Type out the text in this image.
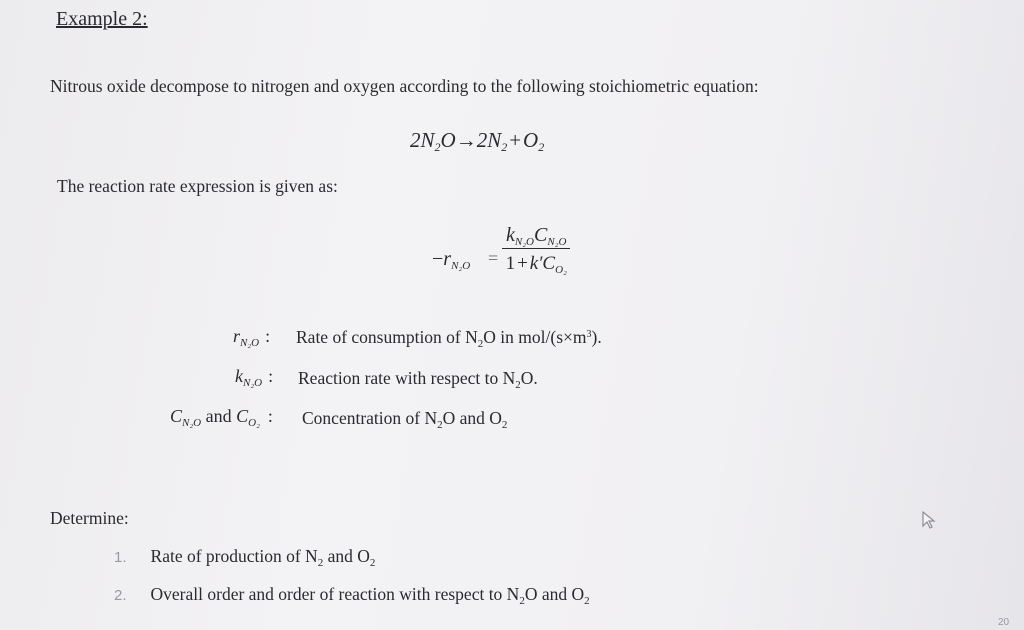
Example 2:
Nitrous oxide decompose to nitrogen and oxygen according to the following stoichiometric equation:
$2N_2O\to 2N_2+O_2$
The reaction rate expression is given as:
$-r_{N_2O}$ =
$k_{N_2O}C_{N_2O}$
$1 + k'C_{O_2}$
$r_{N_2O}$ : Rate of consumption of $N_2O$ in mol/$(s\times m^3)$.
$k_{N_2O}$ : Reaction rate with respect to $N_2O$.
$C_{N_2O}$ and $C_{O_2}$ : Concentration of $N_2O$ and $O_2$
Determine:
1. Rate of production of $N_2$ and $O_2$
2. Overall order and order of reaction with respect to $N_2O$ and $O_2$
20
